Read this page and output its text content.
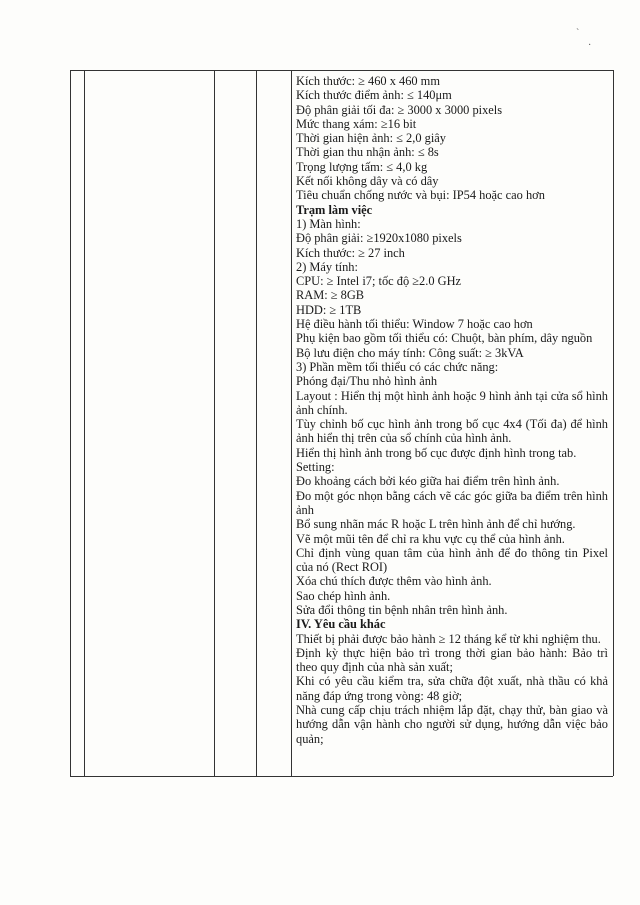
ˋ
·
Kích thước: ≥ 460 x 460 mm
Kích thước điểm ảnh: ≤ 140μm
Độ phân giải tối đa: ≥ 3000 x 3000 pixels
Mức thang xám: ≥16 bit
Thời gian hiện ảnh: ≤ 2,0 giây
Thời gian thu nhận ảnh: ≤ 8s
Trọng lượng tấm: ≤ 4,0 kg
Kết nối không dây và có dây
Tiêu chuẩn chống nước và bụi: IP54 hoặc cao hơn
Trạm làm việc
1) Màn hình:
Độ phân giải: ≥1920x1080 pixels
Kích thước: ≥ 27 inch
2) Máy tính:
CPU: ≥ Intel i7; tốc độ ≥2.0 GHz
RAM: ≥ 8GB
HDD: ≥ 1TB
Hệ điều hành tối thiểu: Window 7 hoặc cao hơn
Phụ kiện bao gồm tối thiểu có: Chuột, bàn phím, dây nguồn
Bộ lưu điện cho máy tính: Công suất: ≥ 3kVA
3) Phần mềm tối thiểu có các chức năng:
Phóng đại/Thu nhỏ hình ảnh
Layout : Hiển thị một hình ảnh hoặc 9 hình ảnh tại cửa sổ hình ảnh chính.
Tùy chỉnh bố cục hình ảnh trong bố cục 4x4 (Tối đa) để hình ảnh hiển thị trên của sổ chính của hình ảnh.
Hiển thị hình ảnh trong bố cục được định hình trong tab.
Setting:
Đo khoảng cách bởi kéo giữa hai điểm trên hình ảnh.
Đo một góc nhọn bằng cách vẽ các góc giữa ba điểm trên hình ảnh
Bổ sung nhãn mác R hoặc L trên hình ảnh để chỉ hướng.
Vẽ một mũi tên để chỉ ra khu vực cụ thể của hình ảnh.
Chỉ định vùng quan tâm của hình ảnh để đo thông tin Pixel của nó (Rect ROI)
Xóa chú thích được thêm vào hình ảnh.
Sao chép hình ảnh.
Sửa đổi thông tin bệnh nhân trên hình ảnh.
IV. Yêu cầu khác
Thiết bị phải được bảo hành ≥ 12 tháng kể từ khi nghiệm thu.
Định kỳ thực hiện bảo trì trong thời gian bảo hành: Bảo trì theo quy định của nhà sản xuất;
Khi có yêu cầu kiểm tra, sửa chữa đột xuất, nhà thầu có khả năng đáp ứng trong vòng: 48 giờ;
Nhà cung cấp chịu trách nhiệm lắp đặt, chạy thử, bàn giao và hướng dẫn vận hành cho người sử dụng, hướng dẫn việc bảo quản;
